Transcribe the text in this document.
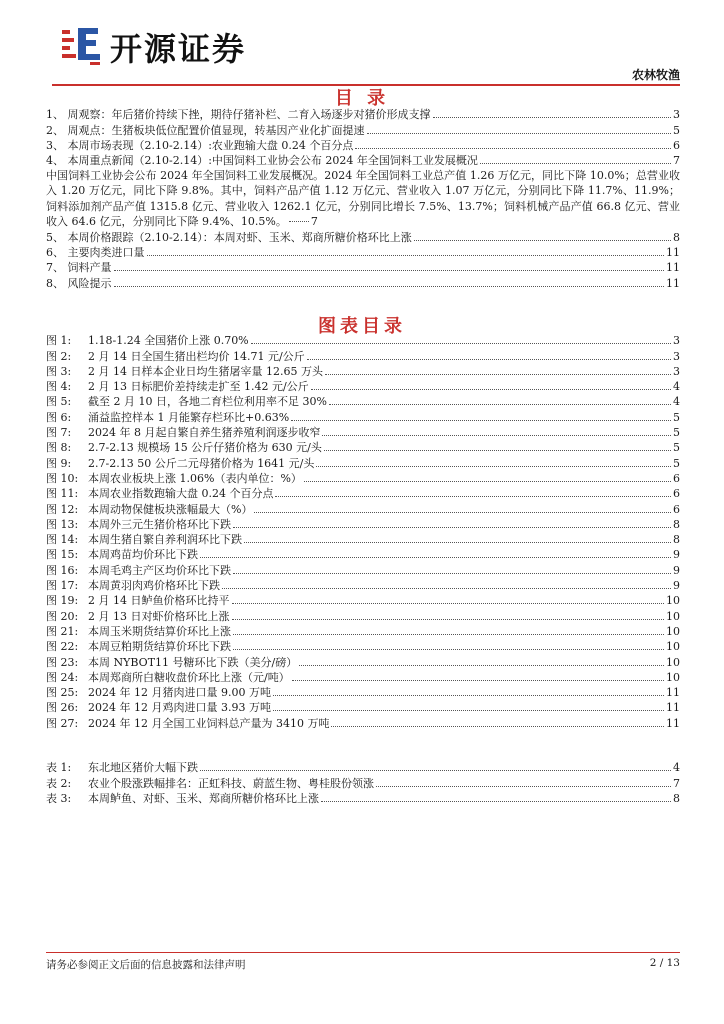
开源证券
农林牧渔
目 录
1、 周观察：年后猪价持续下挫，期待仔猪补栏、二育入场逐步对猪价形成支撑	3
2、 周观点：生猪板块低位配置价值显现，转基因产业化扩面提速	5
3、 本周市场表现（2.10-2.14）:农业跑输大盘 0.24 个百分点	6
4、 本周重点新闻（2.10-2.14）:中国饲料工业协会公布 2024 年全国饲料工业发展概况	7
中国饲料工业协会公布 2024 年全国饲料工业发展概况。2024 年全国饲料工业总产值 1.26 万亿元，同比下降 10.0%；总营业收入 1.20 万亿元，同比下降 9.8%。其中，饲料产品产值 1.12 万亿元、营业收入 1.07 万亿元，分别同比下降 11.7%、11.9%；饲料添加剂产品产值 1315.8 亿元、营业收入 1262.1 亿元，分别同比增长 7.5%、13.7%；饲料机械产品产值 66.8 亿元、营业收入 64.6 亿元，分别同比下降 9.4%、10.5%。 7
5、 本周价格跟踪（2.10-2.14）：本周对虾、玉米、郑商所糖价格环比上涨	8
6、 主要肉类进口量	11
7、 饲料产量	11
8、 风险提示	11
图表目录
图 1:	1.18-1.24 全国猪价上涨 0.70%	3
图 2:	2 月 14 日全国生猪出栏均价 14.71 元/公斤	3
图 3:	2 月 14 日样本企业日均生猪屠宰量 12.65 万头	3
图 4:	2 月 13 日标肥价差持续走扩至 1.42 元/公斤	4
图 5:	截至 2 月 10 日，各地二育栏位利用率不足 30%	4
图 6:	涌益监控样本 1 月能繁存栏环比+0.63%	5
图 7:	2024 年 8 月起自繁自养生猪养殖利润逐步收窄	5
图 8:	2.7-2.13 规模场 15 公斤仔猪价格为 630 元/头	5
图 9:	2.7-2.13 50 公斤二元母猪价格为 1641 元/头	5
图 10: 本周农业板块上涨 1.06%（表内单位：%）	6
图 11: 本周农业指数跑输大盘 0.24 个百分点	6
图 12: 本周动物保健板块涨幅最大（%）	6
图 13: 本周外三元生猪价格环比下跌	8
图 14: 本周生猪自繁自养利润环比下跌	8
图 15: 本周鸡苗均价环比下跌	9
图 16: 本周毛鸡主产区均价环比下跌	9
图 17: 本周黄羽肉鸡价格环比下跌	9
图 19: 2 月 14 日鲈鱼价格环比持平	10
图 20: 2 月 13 日对虾价格环比上涨	10
图 21: 本周玉米期货结算价环比上涨	10
图 22: 本周豆粕期货结算价环比下跌	10
图 23: 本周 NYBOT11 号糖环比下跌（美分/磅）	10
图 24: 本周郑商所白糖收盘价环比上涨（元/吨）	10
图 25: 2024 年 12 月猪肉进口量 9.00 万吨	11
图 26: 2024 年 12 月鸡肉进口量 3.93 万吨	11
图 27: 2024 年 12 月全国工业饲料总产量为 3410 万吨	11
表 1:	东北地区猪价大幅下跌	4
表 2:	农业个股涨跌幅排名：正虹科技、蔚蓝生物、粤桂股份领涨	7
表 3:	本周鲈鱼、对虾、玉米、郑商所糖价格环比上涨	8
请务必参阅正文后面的信息披露和法律声明	2 / 13
